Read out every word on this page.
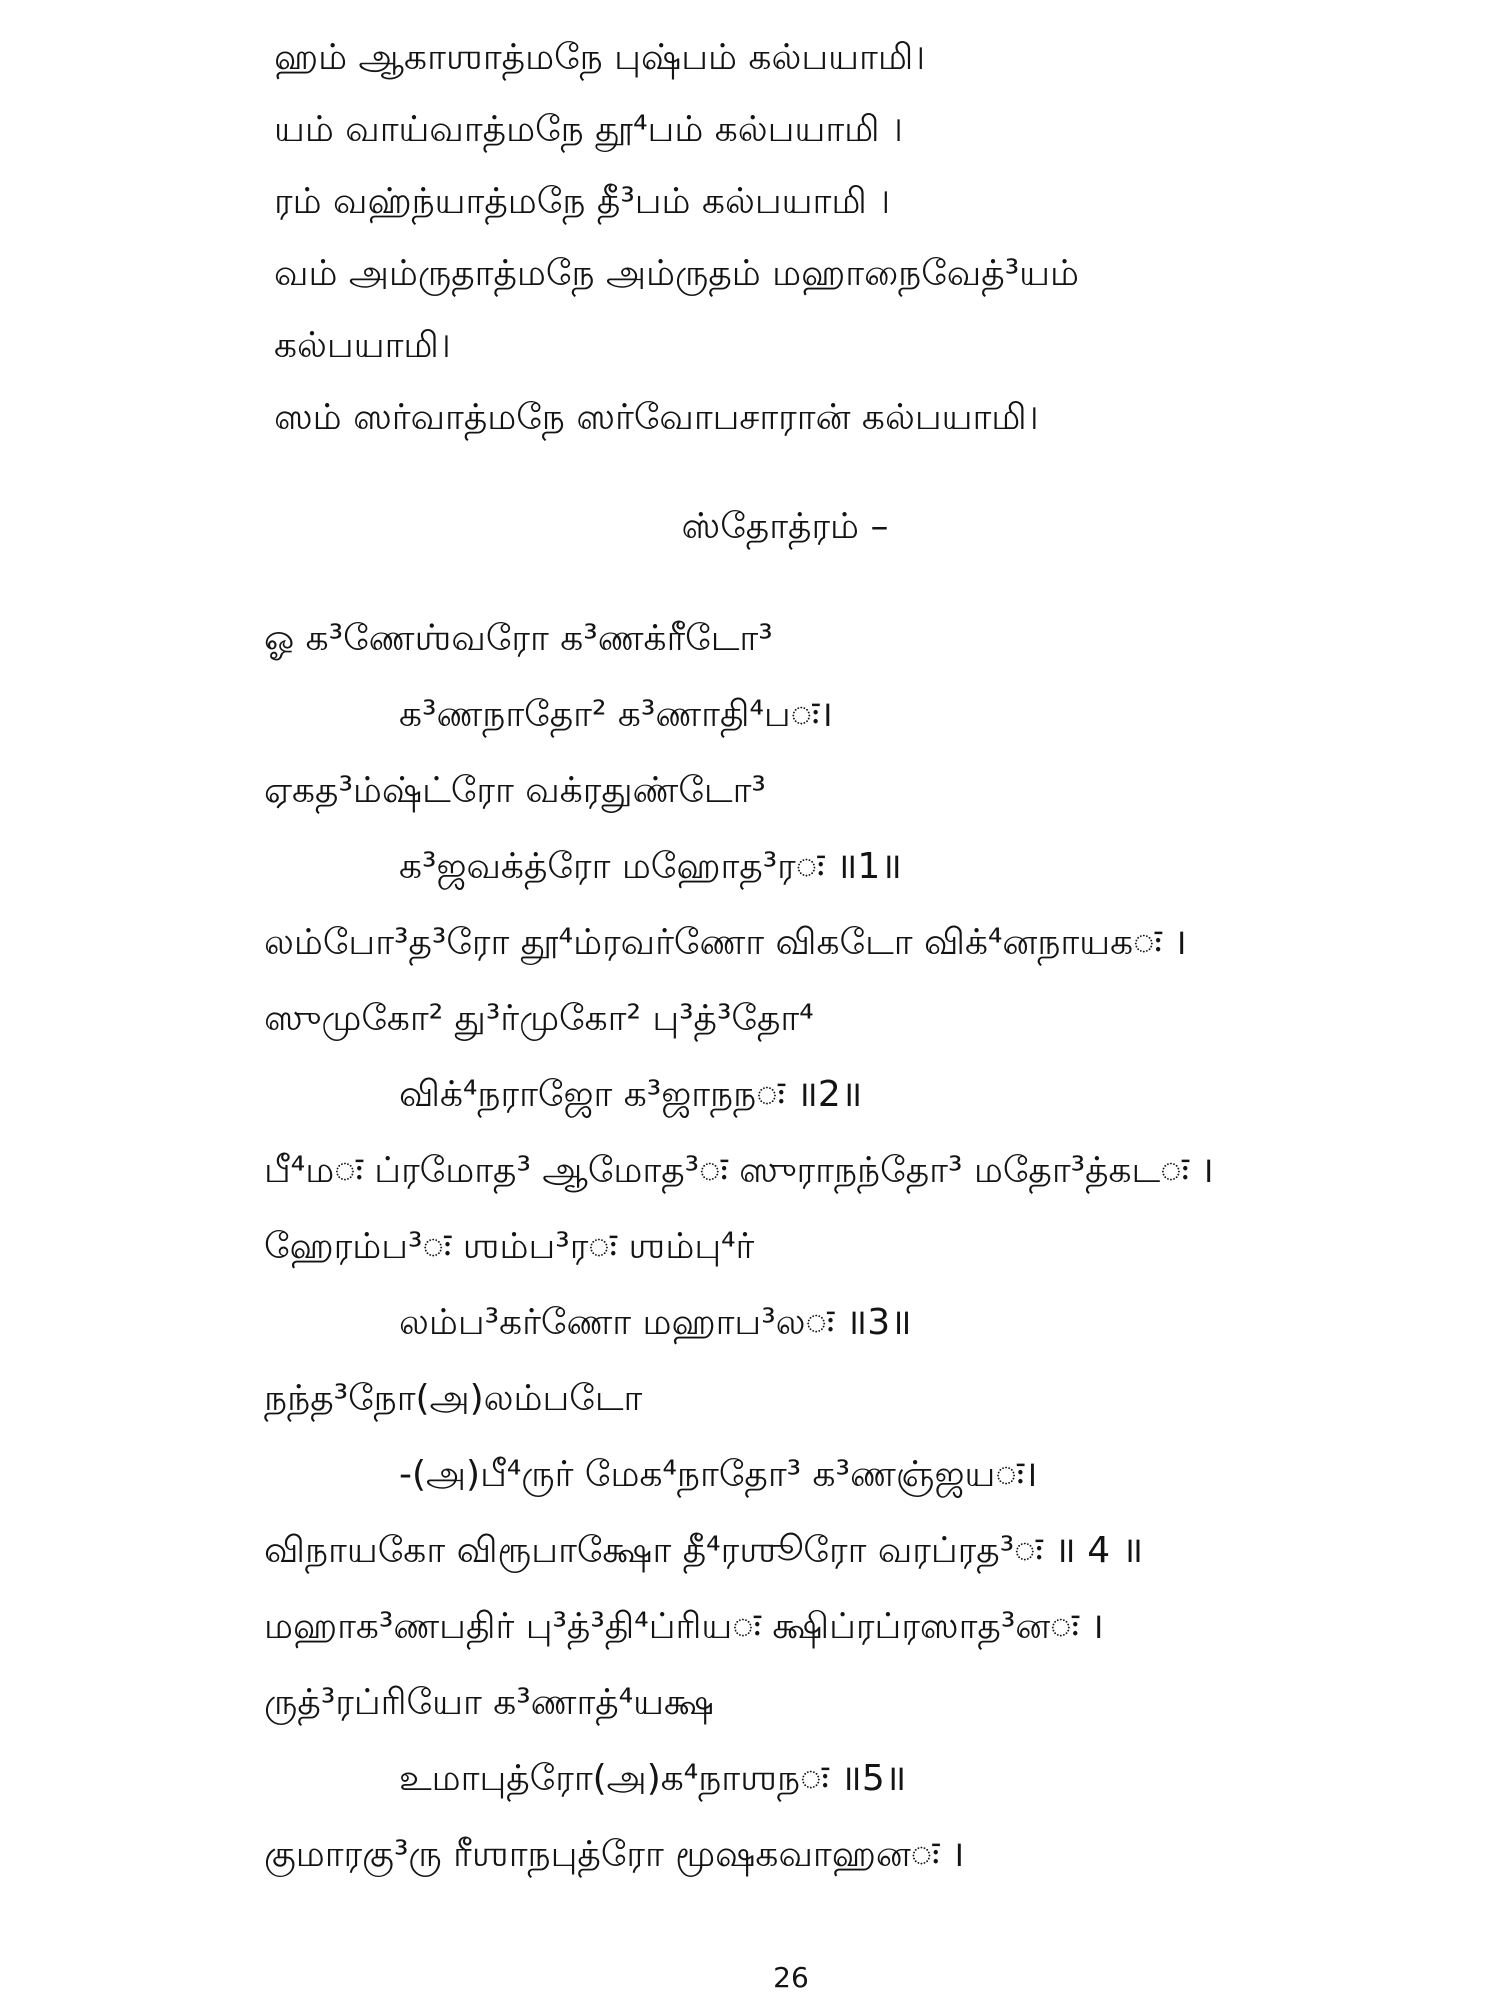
ஹம் ஆகாஶாத்மநே புஷ்பம் கல்பயாமி।
யம் வாய்வாத்மநே தூ⁴பம் கல்பயாமி ।
ரம் வஹ்ந்யாத்மநே தீ³பம் கல்பயாமி ।
வம் அம்ருதாத்மநே அம்ருதம் மஹாநைவேத்³யம்
கல்பயாமி।
ஸம் ஸர்வாத்மநே ஸர்வோபசாரான் கல்பயாமி।
ஸ்தோத்ரம் –
ஓ க³ணேஶ்வரோ க³ணக்ரீடோ³
க³ணநாதோ² க³ணாதி⁴பः।
ஏகத³ம்ஷ்ட்ரோ வக்ரதுண்டோ³
க³ஜவக்த்ரோ மஹோத³ரः ॥1॥
லம்போ³த³ரோ தூ⁴ம்ரவர்ணோ விகடோ விக்⁴னநாயகः ।
ஸுமுகோ² து³ர்முகோ² பு³த்³தோ⁴
விக்⁴நராஜோ க³ஜாநநः ॥2॥
பீ⁴மः ப்ரமோத³ ஆமோத³ः ஸுராநந்தோ³ மதோ³த்கடः ।
ஹேரம்ப³ः ஶம்ப³ரः ஶம்பு⁴ர்
லம்ப³கர்ணோ மஹாப³லः ॥3॥
நந்த³நோ(அ)லம்படோ
-(அ)பீ⁴ருர் மேக⁴நாதோ³ க³ணஞ்ஜயः।
விநாயகோ விரூபாக்ஷோ தீ⁴ரஶூரோ வரப்ரத³ः ॥ 4 ॥
மஹாக³ணபதிர் பு³த்³தி⁴ப்ரியः க்ஷிப்ரப்ரஸாத³னः ।
ருத்³ரப்ரியோ க³ணாத்⁴யக்ஷ
உமாபுத்ரோ(அ)க⁴நாஶநः ॥5॥
குமாரகு³ரு ரீஶாநபுத்ரோ மூஷகவாஹனः ।
26
